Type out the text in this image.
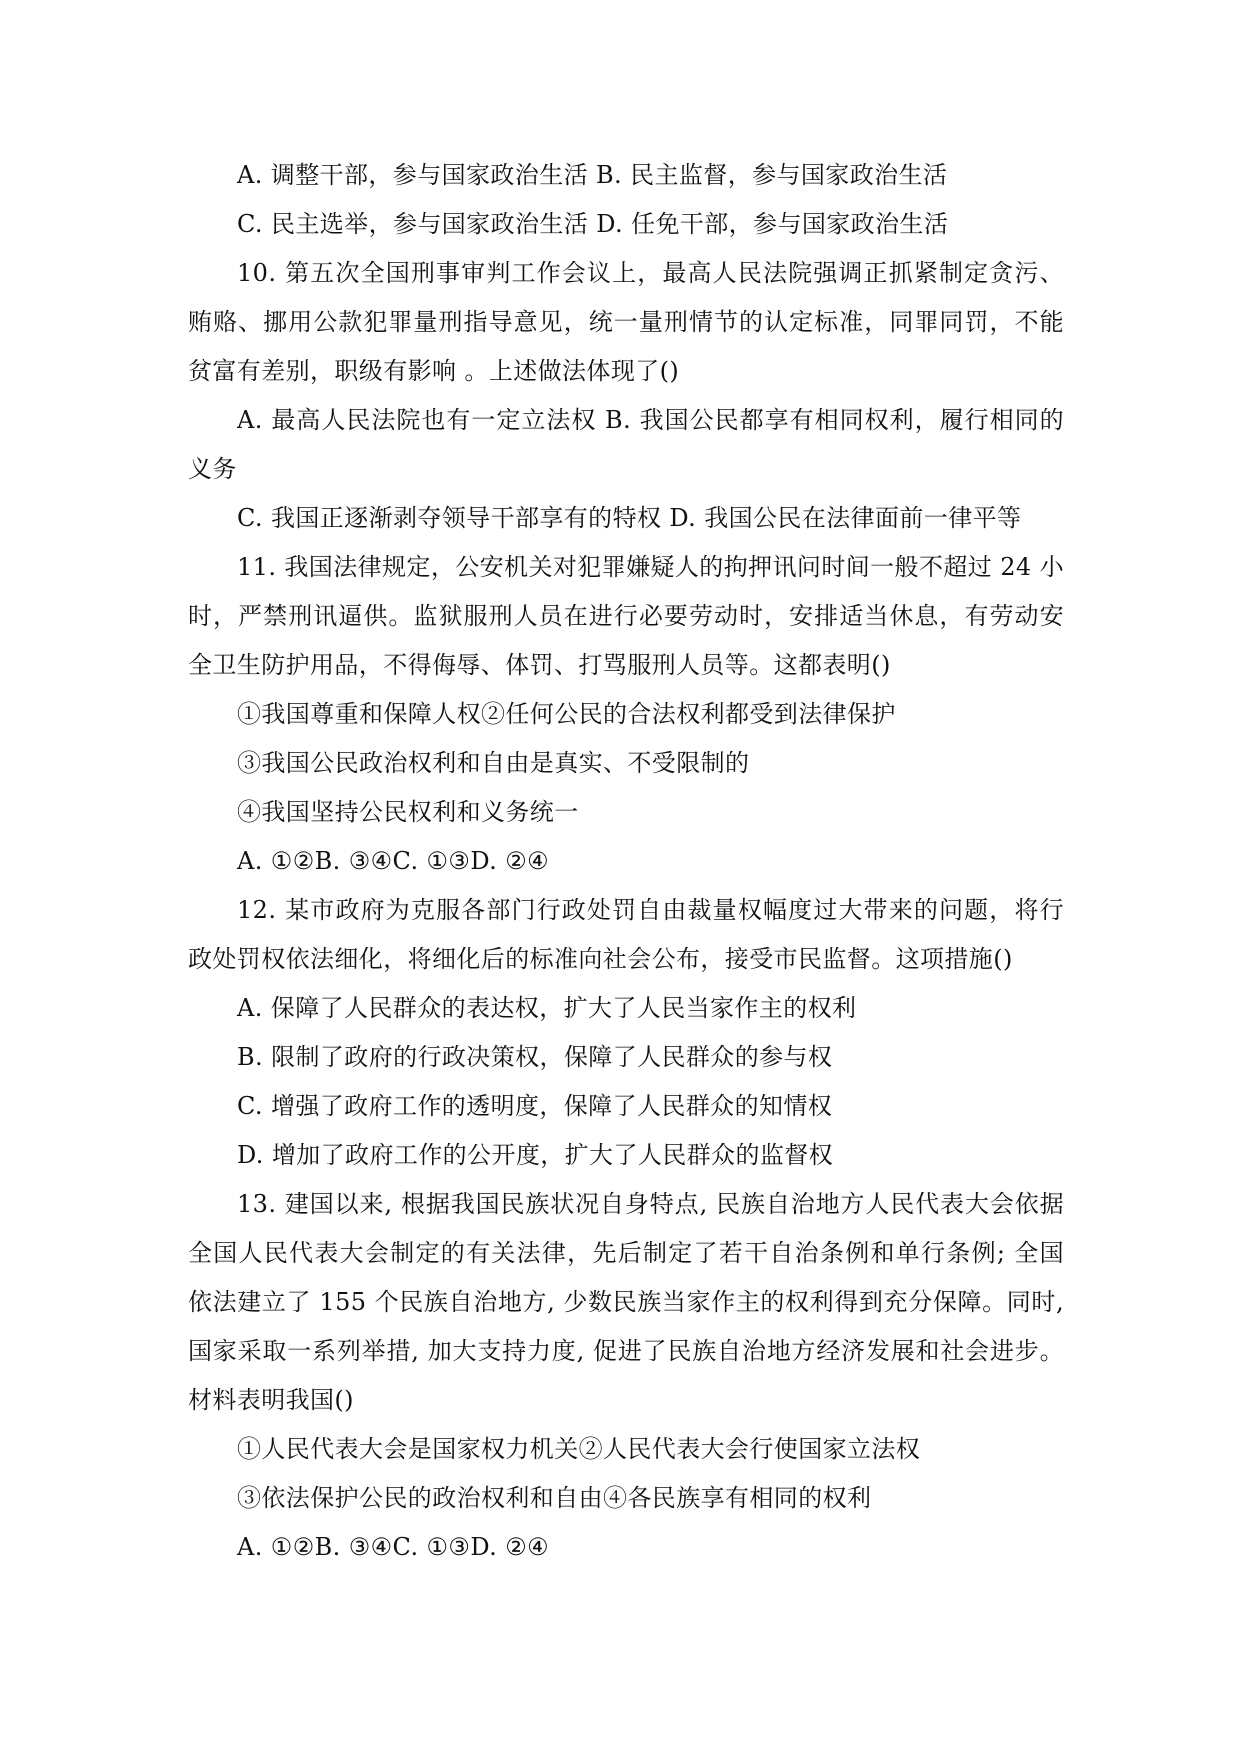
A. 调整干部，参与国家政治生活 B. 民主监督，参与国家政治生活
C. 民主选举，参与国家政治生活 D. 任免干部，参与国家政治生活
10. 第五次全国刑事审判工作会议上，最高人民法院强调正抓紧制定贪污、
贿赂、挪用公款犯罪量刑指导意见，统一量刑情节的认定标准，同罪同罚，不能
贫富有差别，职级有影响 。上述做法体现了()
A. 最高人民法院也有一定立法权 B. 我国公民都享有相同权利，履行相同的
义务
C. 我国正逐渐剥夺领导干部享有的特权 D. 我国公民在法律面前一律平等
11. 我国法律规定，公安机关对犯罪嫌疑人的拘押讯问时间一般不超过 24 小
时，严禁刑讯逼供。监狱服刑人员在进行必要劳动时，安排适当休息，有劳动安
全卫生防护用品，不得侮辱、体罚、打骂服刑人员等。这都表明()
①我国尊重和保障人权②任何公民的合法权利都受到法律保护
③我国公民政治权利和自由是真实、不受限制的
④我国坚持公民权利和义务统一
A. ①②B. ③④C. ①③D. ②④
12. 某市政府为克服各部门行政处罚自由裁量权幅度过大带来的问题，将行
政处罚权依法细化，将细化后的标准向社会公布，接受市民监督。这项措施()
A. 保障了人民群众的表达权，扩大了人民当家作主的权利
B. 限制了政府的行政决策权，保障了人民群众的参与权
C. 增强了政府工作的透明度，保障了人民群众的知情权
D. 增加了政府工作的公开度，扩大了人民群众的监督权
13. 建国以来, 根据我国民族状况自身特点, 民族自治地方人民代表大会依据
全国人民代表大会制定的有关法律，先后制定了若干自治条例和单行条例; 全国
依法建立了 155 个民族自治地方, 少数民族当家作主的权利得到充分保障。同时,
国家采取一系列举措, 加大支持力度, 促进了民族自治地方经济发展和社会进步。
材料表明我国()
①人民代表大会是国家权力机关②人民代表大会行使国家立法权
③依法保护公民的政治权利和自由④各民族享有相同的权利
A. ①②B. ③④C. ①③D. ②④
